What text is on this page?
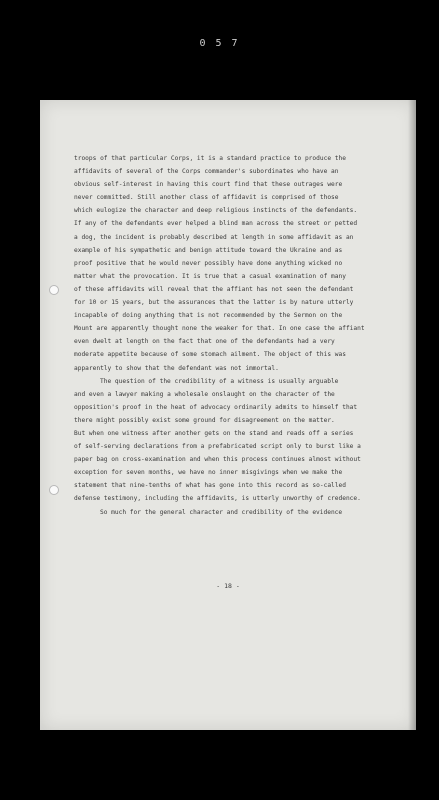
0 5 7
troops of that particular Corps, it is a standard practice to produce the
affidavits of several of the Corps commander's subordinates who have an
obvious self-interest in having this court find that these outrages were
never committed. Still another class of affidavit is comprised of those
which eulogize the character and deep religious instincts of the defendants.
If any of the defendants ever helped a blind man across the street or petted
a dog, the incident is probably described at length in some affidavit as an
example of his sympathetic and benign attitude toward the Ukraine and as
proof positive that he would never possibly have done anything wicked no
matter what the provocation. It is true that a casual examination of many
of these affidavits will reveal that the affiant has not seen the defendant
for 10 or 15 years, but the assurances that the latter is by nature utterly
incapable of doing anything that is not recommended by the Sermon on the
Mount are apparently thought none the weaker for that. In one case the affiant
even dwelt at length on the fact that one of the defendants had a very
moderate appetite because of some stomach ailment. The object of this was
apparently to show that the defendant was not immortal.
The question of the credibility of a witness is usually arguable
and even a lawyer making a wholesale onslaught on the character of the
opposition's proof in the heat of advocacy ordinarily admits to himself that
there might possibly exist some ground for disagreement on the matter.
But when one witness after another gets on the stand and reads off a series
of self-serving declarations from a prefabricated script only to burst like a
paper bag on cross-examination and when this process continues almost without
exception for seven months, we have no inner misgivings when we make the
statement that nine-tenths of what has gone into this record as so-called
defense testimony, including the affidavits, is utterly unworthy of credence.
So much for the general character and credibility of the evidence
- 18 -
